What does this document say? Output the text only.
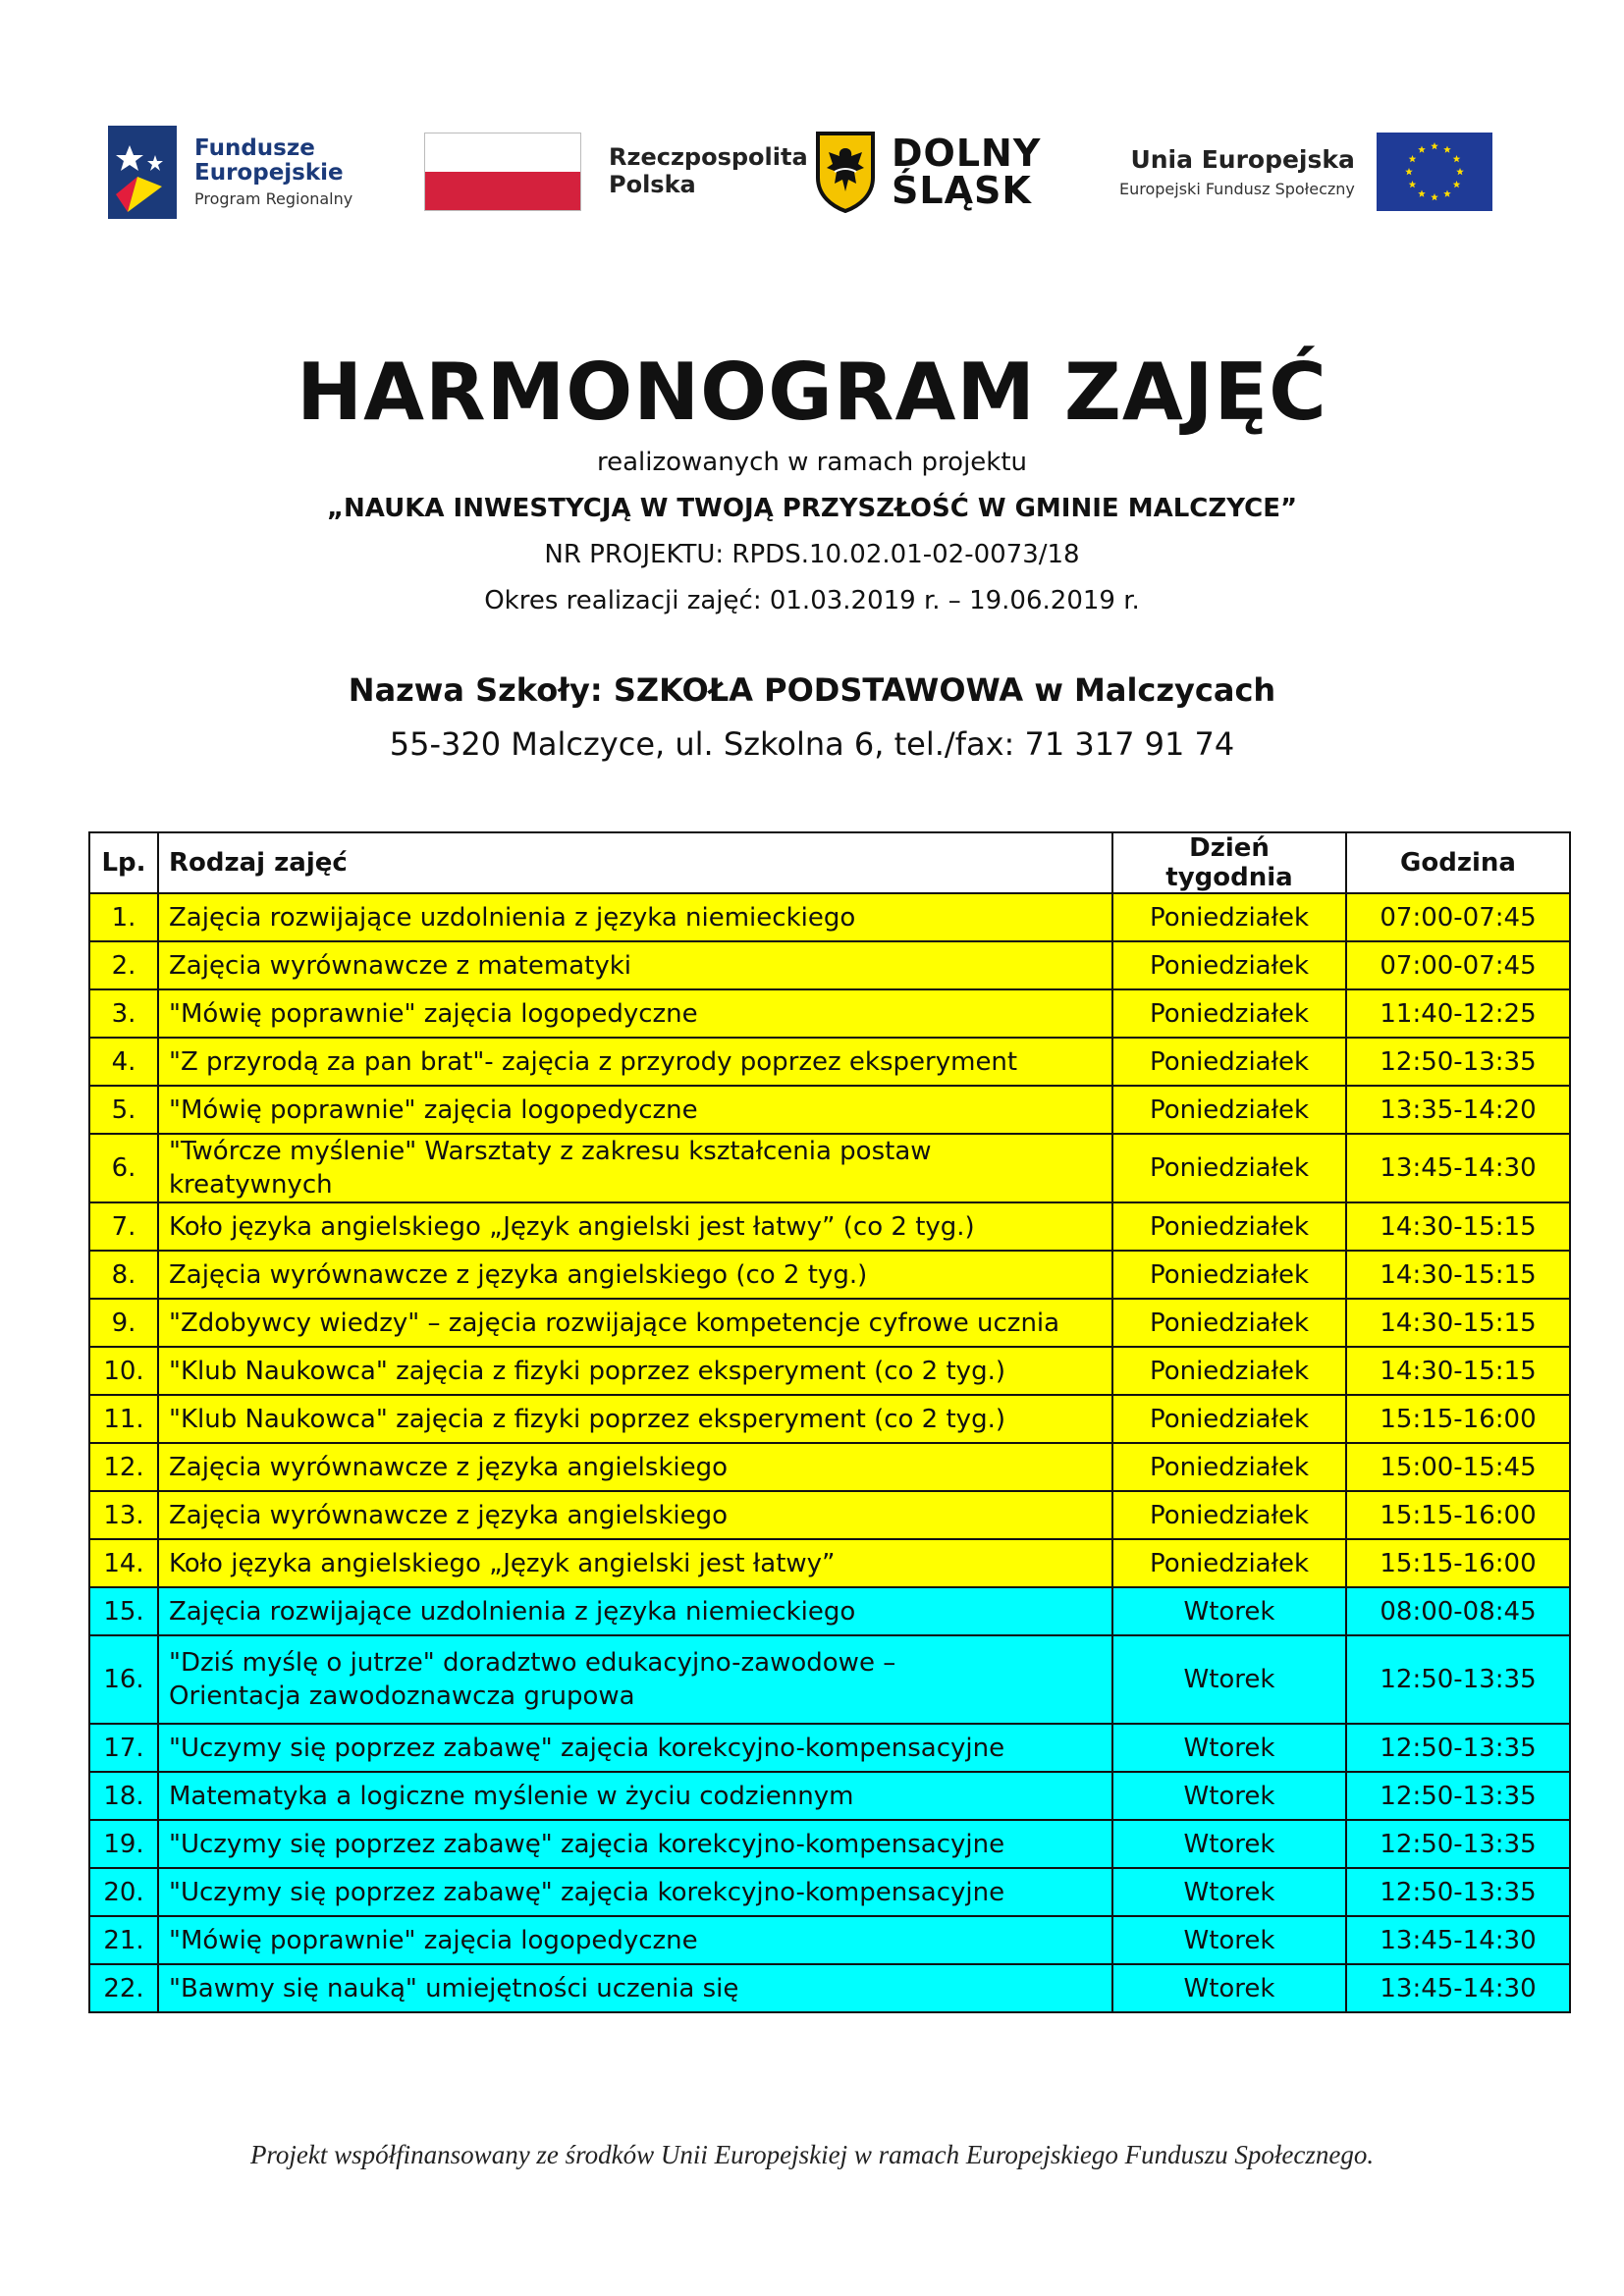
Fundusze
Europejskie
Program Regionalny
Rzeczpospolita
Polska
DOLNY
ŚLĄSK
Unia Europejska
Europejski Fundusz Społeczny
HARMONOGRAM ZAJĘĆ
realizowanych w ramach projektu
„NAUKA INWESTYCJĄ W TWOJĄ PRZYSZŁOŚĆ W GMINIE MALCZYCE”
NR PROJEKTU: RPDS.10.02.01-02-0073/18
Okres realizacji zajęć: 01.03.2019 r. – 19.06.2019 r.
Nazwa Szkoły: SZKOŁA PODSTAWOWA w Malczycach
55-320 Malczyce, ul. Szkolna 6, tel./fax: 71 317 91 74
Lp.	Rodzaj zajęć	Dzień tygodnia	Godzina
1.	Zajęcia rozwijające uzdolnienia z języka niemieckiego	Poniedziałek	07:00-07:45
2.	Zajęcia wyrównawcze z matematyki	Poniedziałek	07:00-07:45
3.	"Mówię poprawnie" zajęcia logopedyczne	Poniedziałek	11:40-12:25
4.	"Z przyrodą za pan brat"- zajęcia z przyrody poprzez eksperyment	Poniedziałek	12:50-13:35
5.	"Mówię poprawnie" zajęcia logopedyczne	Poniedziałek	13:35-14:20
6.	"Twórcze myślenie" Warsztaty z zakresu kształcenia postaw kreatywnych	Poniedziałek	13:45-14:30
7.	Koło języka angielskiego „Język angielski jest łatwy” (co 2 tyg.)	Poniedziałek	14:30-15:15
8.	Zajęcia wyrównawcze z języka angielskiego (co 2 tyg.)	Poniedziałek	14:30-15:15
9.	"Zdobywcy wiedzy" – zajęcia rozwijające kompetencje cyfrowe ucznia	Poniedziałek	14:30-15:15
10.	"Klub Naukowca" zajęcia z fizyki poprzez eksperyment (co 2 tyg.)	Poniedziałek	14:30-15:15
11.	"Klub Naukowca" zajęcia z fizyki poprzez eksperyment (co 2 tyg.)	Poniedziałek	15:15-16:00
12.	Zajęcia wyrównawcze z języka angielskiego	Poniedziałek	15:00-15:45
13.	Zajęcia wyrównawcze z języka angielskiego	Poniedziałek	15:15-16:00
14.	Koło języka angielskiego „Język angielski jest łatwy”	Poniedziałek	15:15-16:00
15.	Zajęcia rozwijające uzdolnienia z języka niemieckiego	Wtorek	08:00-08:45
16.	"Dziś myślę o jutrze" doradztwo edukacyjno-zawodowe –
Orientacja zawodoznawcza grupowa	Wtorek	12:50-13:35
17.	"Uczymy się poprzez zabawę" zajęcia korekcyjno-kompensacyjne	Wtorek	12:50-13:35
18.	Matematyka a logiczne myślenie w życiu codziennym	Wtorek	12:50-13:35
19.	"Uczymy się poprzez zabawę" zajęcia korekcyjno-kompensacyjne	Wtorek	12:50-13:35
20.	"Uczymy się poprzez zabawę" zajęcia korekcyjno-kompensacyjne	Wtorek	12:50-13:35
21.	"Mówię poprawnie" zajęcia logopedyczne	Wtorek	13:45-14:30
22.	"Bawmy się nauką" umiejętności uczenia się	Wtorek	13:45-14:30
Projekt współfinansowany ze środków Unii Europejskiej w ramach Europejskiego Funduszu Społecznego.
